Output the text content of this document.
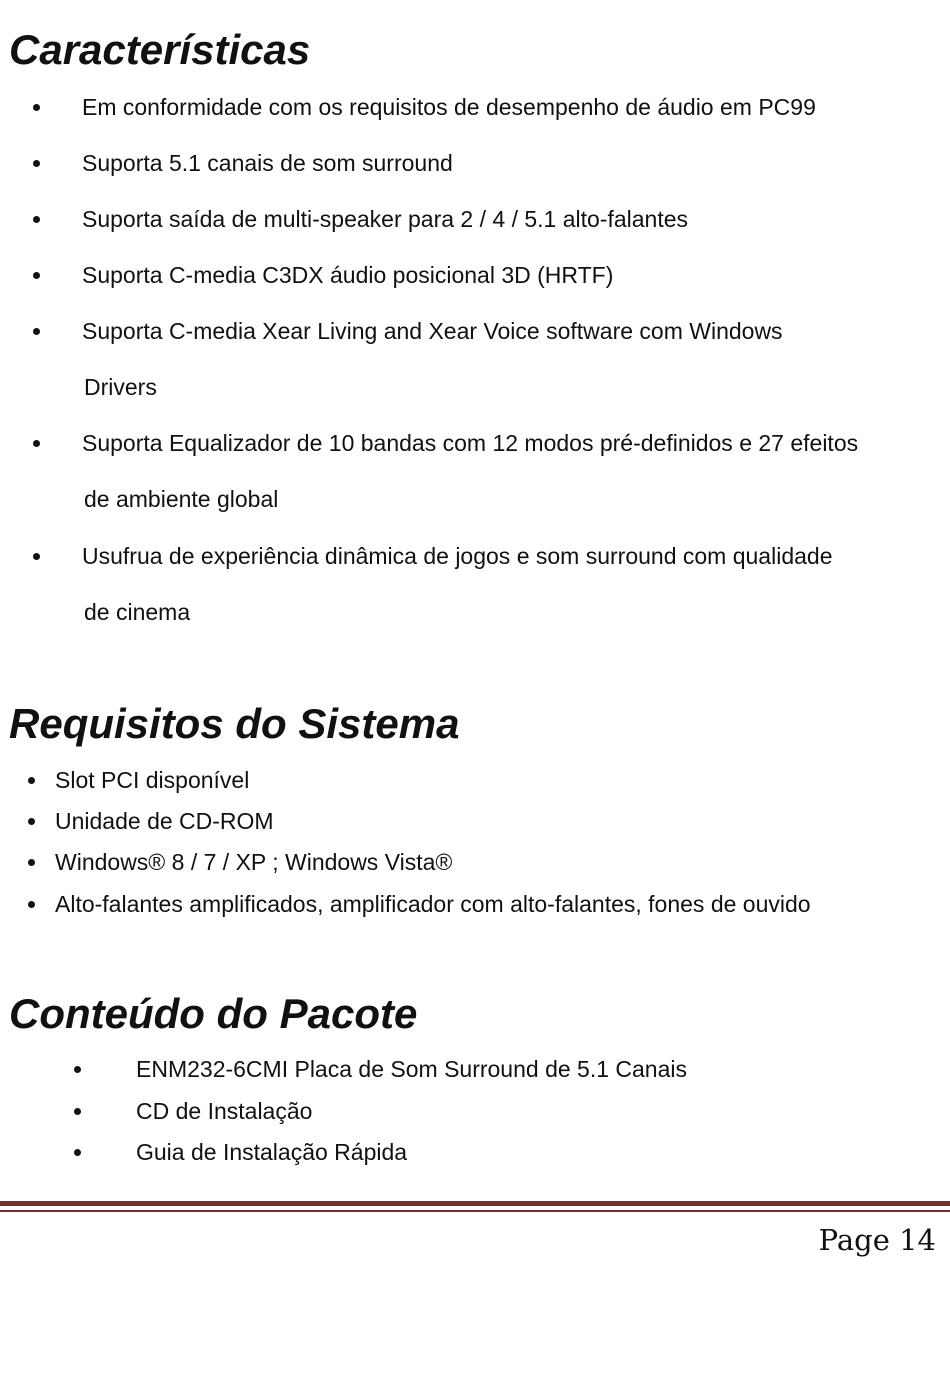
Características
Em conformidade com os requisitos de desempenho de áudio em PC99
Suporta 5.1 canais de som surround
Suporta saída de multi-speaker para 2 / 4 / 5.1 alto-falantes
Suporta C-media C3DX áudio posicional 3D (HRTF)
Suporta C-media Xear Living and Xear Voice software com Windows
Drivers
Suporta Equalizador de 10 bandas com 12 modos pré-definidos e 27 efeitos
de ambiente global
Usufrua de experiência dinâmica de jogos e som surround com qualidade
de cinema
Requisitos do Sistema
Slot PCI disponível
Unidade de CD-ROM
Windows® 8 / 7 / XP ; Windows Vista®
Alto-falantes amplificados, amplificador com alto-falantes, fones de ouvido
Conteúdo do Pacote
ENM232-6CMI Placa de Som Surround de 5.1 Canais
CD de Instalação
Guia de Instalação Rápida
Page 14
